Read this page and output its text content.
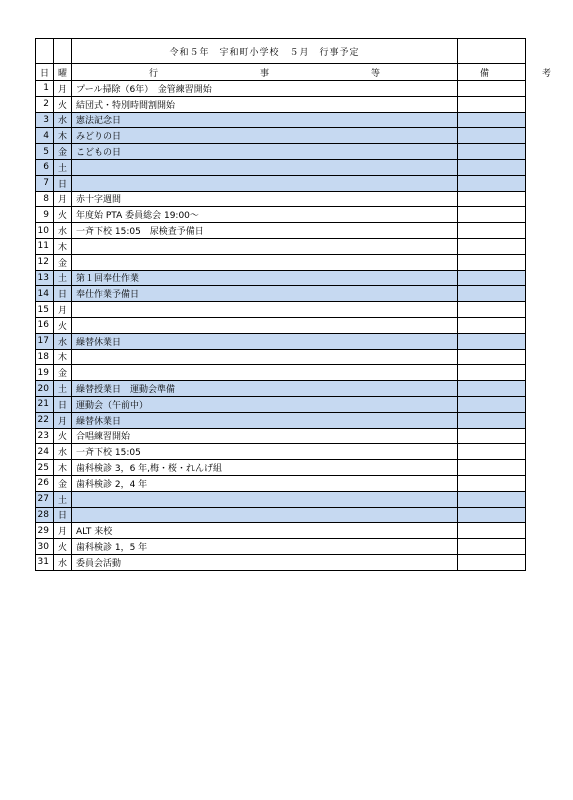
		令和５年　宇和町小学校　５月　行事予定	
日	曜	行　　事　　等	備　考
1	月	プール掃除（6年）　金管練習開始	
2	火	結団式・特別時間割開始	
3	水	憲法記念日	
4	木	みどりの日	
5	金	こどもの日	
6	土		
7	日		
8	月	赤十字週間	
9	火	年度始 PTA 委員総会 19:00～	
10	水	一斉下校 15:05　尿検査予備日	
11	木		
12	金		
13	土	第１回奉仕作業	
14	日	奉仕作業予備日	
15	月		
16	火		
17	水	繰替休業日	
18	木		
19	金		
20	土	繰替授業日　運動会準備	
21	日	運動会（午前中）	
22	月	繰替休業日	
23	火	合唱練習開始	
24	水	一斉下校 15:05	
25	木	歯科検診 3，6 年,梅・桜・れんげ組	
26	金	歯科検診 2，4 年	
27	土		
28	日		
29	月	ALT 来校	
30	火	歯科検診 1，5 年	
31	水	委員会活動	
